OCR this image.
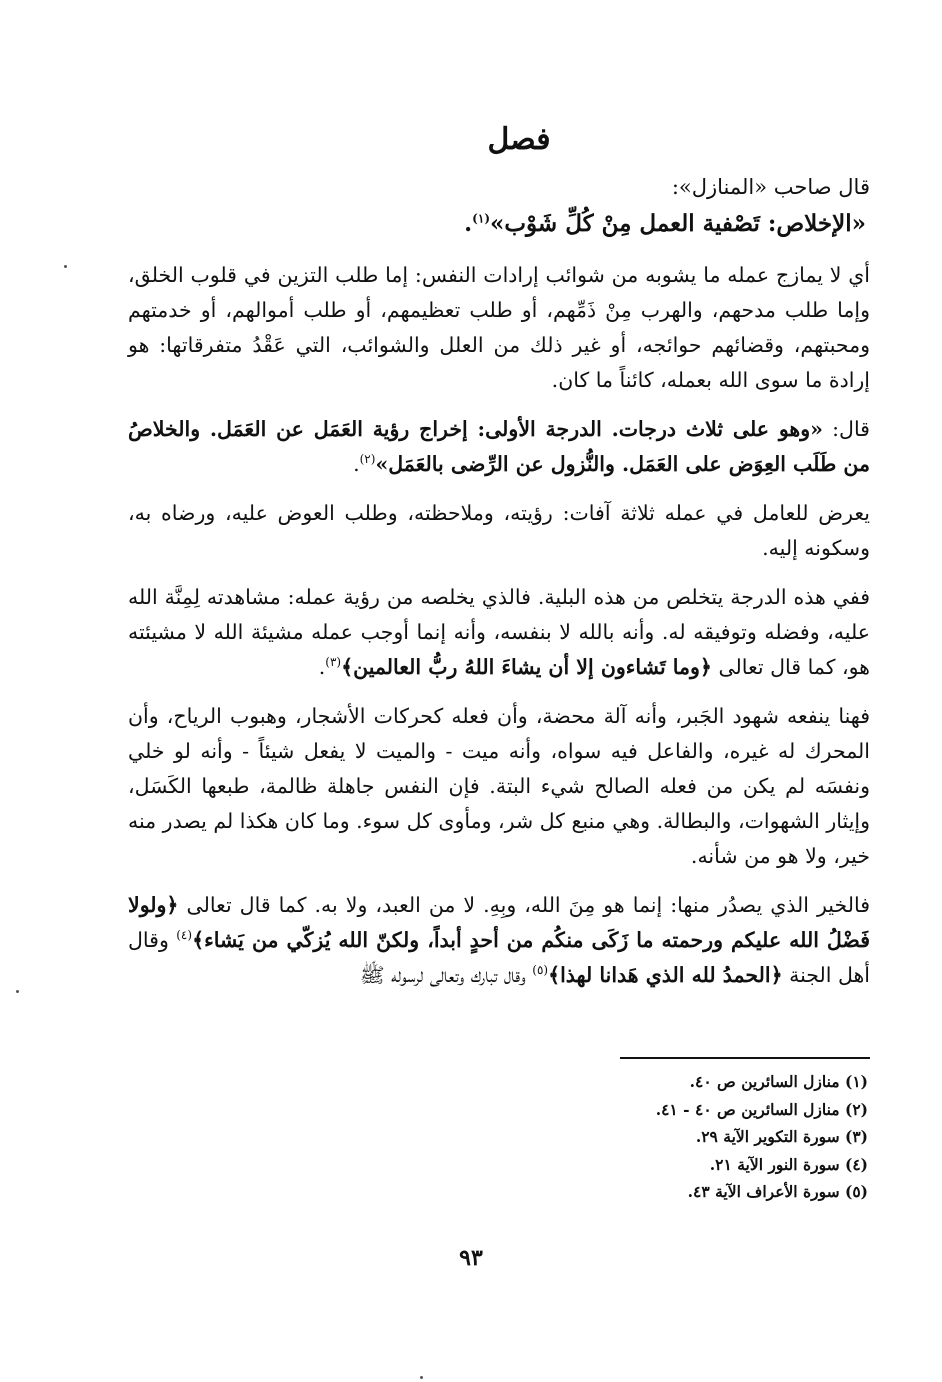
فصل

قال صاحب «المنازل»:

«الإخلاص: تَصْفية العمل مِنْ كُلِّ شَوْب»$^{(١)}$.

أي لا يمازج عمله ما يشوبه من شوائب إرادات النفس: إما طلب التزين في قلوب الخلق، وإما طلب مدحهم، والهرب مِنْ ذَمِّهم، أو طلب تعظيمهم، أو طلب أموالهم، أو خدمتهم ومحبتهم، وقضائهم حوائجه، أو غير ذلك من العلل والشوائب، التي عَقْدُ متفرقاتها: هو إرادة ما سوى الله بعمله، كائناً ما كان.

قال: «وهو على ثلاث درجات. الدرجة الأولى: إخراج رؤية العَمَل عن العَمَل. والخلاصُ من طَلَب العِوَض على العَمَل. والنُّزول عن الرِّضى بالعَمَل»$^{(٢)}$.

يعرض للعامل في عمله ثلاثة آفات: رؤيته، وملاحظته، وطلب العوض عليه، ورضاه به، وسكونه إليه.

ففي هذه الدرجة يتخلص من هذه البلية. فالذي يخلصه من رؤية عمله: مشاهدته لِمِنَّة الله عليه، وفضله وتوفيقه له. وأنه بالله لا بنفسه، وأنه إنما أوجب عمله مشيئة الله لا مشيئته هو، كما قال تعالى ﴿وما تَشاءون إلا أن يشاءَ اللهُ ربُّ العالمين﴾$^{(٣)}$.

فهنا ينفعه شهود الجَبر، وأنه آلة محضة، وأن فعله كحركات الأشجار، وهبوب الرياح، وأن المحرك له غيره، والفاعل فيه سواه، وأنه ميت - والميت لا يفعل شيئاً - وأنه لو خلي ونفسَه لم يكن من فعله الصالح شيء البتة. فإن النفس جاهلة ظالمة، طبعها الكَسَل، وإيثار الشهوات، والبطالة. وهي منبع كل شر، ومأوى كل سوء. وما كان هكذا لم يصدر منه خير، ولا هو من شأنه.

فالخير الذي يصدُر منها: إنما هو مِنَ الله، وبِهِ. لا من العبد، ولا به. كما قال تعالى ﴿ولولا فَضْلُ الله عليكم ورحمته ما زَكَى منكُم من أحدٍ أبداً، ولكنّ الله يُزكّي من يَشاء﴾$^{(٤)}$ وقال أهل الجنة ﴿الحمدُ لله الذي هَدانا لهذا﴾$^{(٥)}$ وقال تبارك وتعالى لرسوله ﷺ

(١) منازل السائرين ص ٤٠.
(٢) منازل السائرين ص ٤٠ - ٤١.
(٣) سورة التكوير الآية ٢٩.
(٤) سورة النور الآية ٢١.
(٥) سورة الأعراف الآية ٤٣.
٩٣
